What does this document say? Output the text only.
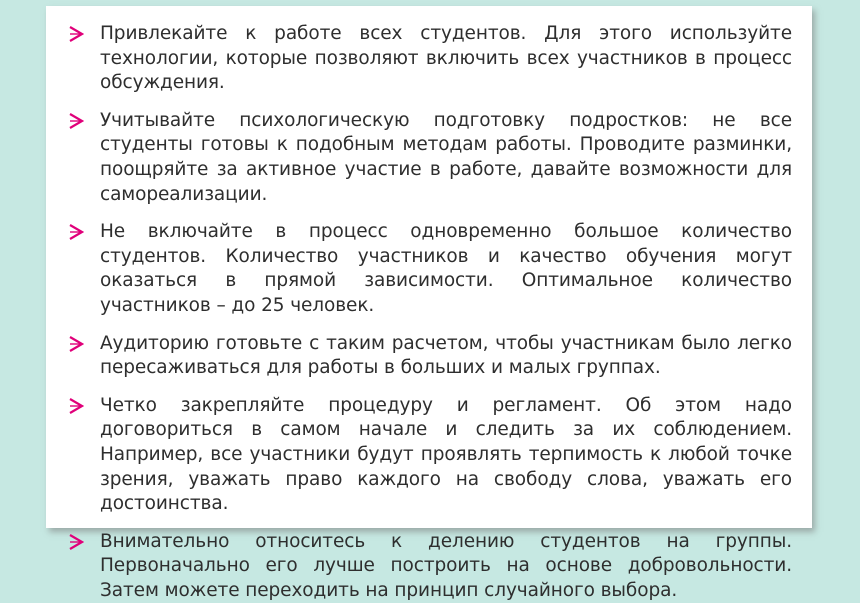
Привлекайте к работе всех студентов. Для этого используйте технологии, которые позволяют включить всех участников в процесс обсуждения.
Учитывайте психологическую подготовку подростков: не все студенты готовы к подобным методам работы. Проводите разминки, поощряйте за активное участие в работе, давайте возможности для самореализации.
Не включайте в процесс одновременно большое количество студентов. Количество участников и качество обучения могут оказаться в прямой зависимости. Оптимальное количество участников – до 25 человек.
Аудиторию готовьте с таким расчетом, чтобы участникам было легко пересаживаться для работы в больших и малых группах.
Четко закрепляйте процедуру и регламент. Об этом надо договориться в самом начале и следить за их соблюдением. Например, все участники будут проявлять терпимость к любой точке зрения, уважать право каждого на свободу слова, уважать его достоинства.
Внимательно относитесь к делению студентов на группы. Первоначально его лучше построить на основе добровольности. Затем можете переходить на принцип случайного выбора.
